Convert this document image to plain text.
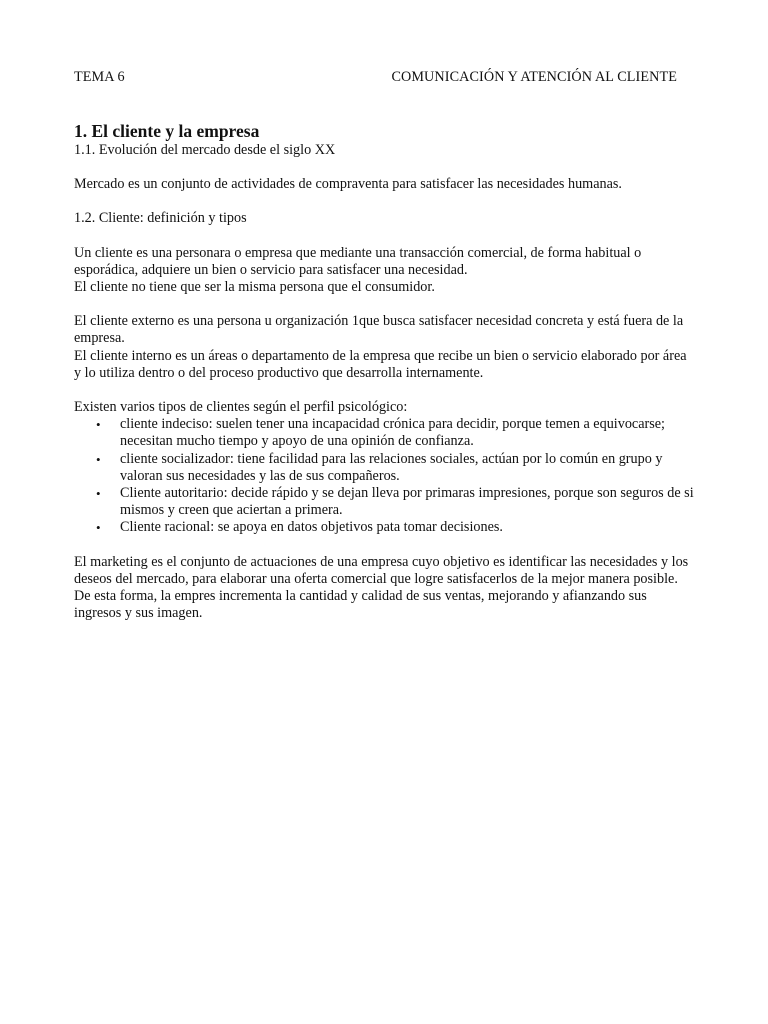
TEMA 6	COMUNICACIÓN Y ATENCIÓN AL CLIENTE
1. El cliente y la empresa

1.1. Evolución del mercado desde el siglo XX

Mercado es un conjunto de actividades de compraventa para satisfacer las necesidades humanas.

1.2. Cliente: definición y tipos

Un cliente es una personara o empresa que mediante una transacción comercial, de forma habitual o esporádica, adquiere un bien o servicio para satisfacer una necesidad.

El cliente no tiene que ser la misma persona que el consumidor.

El cliente externo es una persona u organización 1que busca satisfacer necesidad concreta y está fuera de la empresa.

El cliente interno es un áreas o departamento de la empresa que recibe un bien o servicio elaborado por área y lo utiliza dentro o del proceso productivo que desarrolla internamente.

Existen varios tipos de clientes según el perfil psicológico:

• cliente indeciso: suelen tener una incapacidad crónica para decidir, porque temen a equivocarse; necesitan mucho tiempo y apoyo de una opinión de confianza.
• cliente socializador: tiene facilidad para las relaciones sociales, actúan por lo común en grupo y valoran sus necesidades y las de sus compañeros.
• Cliente autoritario: decide rápido y se dejan lleva por primaras impresiones, porque son seguros de si mismos y creen que aciertan a primera.
• Cliente racional: se apoya en datos objetivos pata tomar decisiones.

El marketing es el conjunto de actuaciones de una empresa cuyo objetivo es identificar las necesidades y los deseos del mercado, para elaborar una oferta comercial que logre satisfacerlos de la mejor manera posible. De esta forma, la empres incrementa la cantidad y calidad de sus ventas, mejorando y afianzando sus ingresos y sus imagen.
